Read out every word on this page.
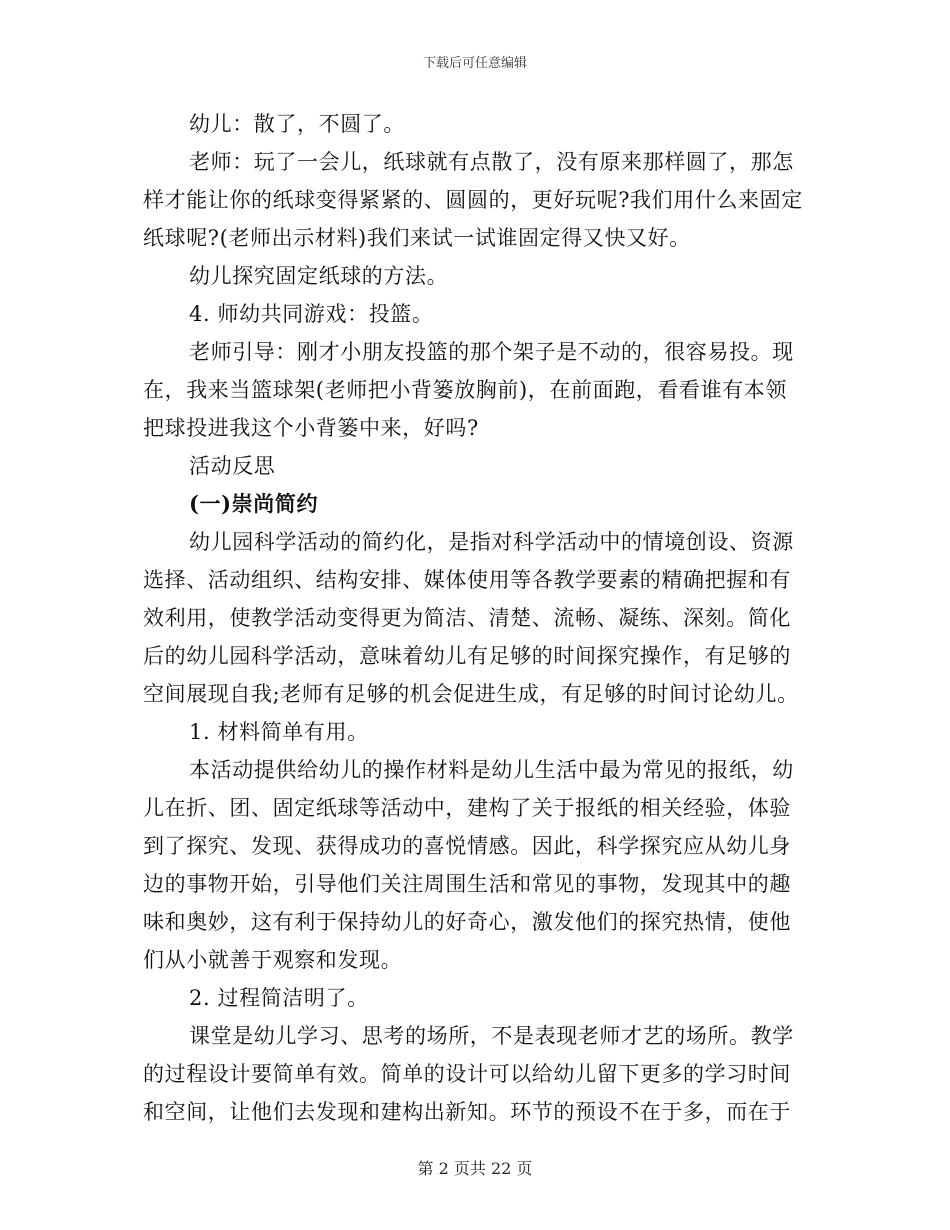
下载后可任意编辑

幼儿：散了，不圆了。

老师：玩了一会儿，纸球就有点散了，没有原来那样圆了，那怎样才能让你的纸球变得紧紧的、圆圆的，更好玩呢?我们用什么来固定纸球呢?(老师出示材料)我们来试一试谁固定得又快又好。

幼儿探究固定纸球的方法。

4. 师幼共同游戏：投篮。

老师引导：刚才小朋友投篮的那个架子是不动的，很容易投。现在，我来当篮球架(老师把小背篓放胸前)，在前面跑，看看谁有本领把球投进我这个小背篓中来，好吗?

活动反思

(一)崇尚简约

幼儿园科学活动的简约化，是指对科学活动中的情境创设、资源选择、活动组织、结构安排、媒体使用等各教学要素的精确把握和有效利用，使教学活动变得更为简洁、清楚、流畅、凝练、深刻。简化后的幼儿园科学活动，意味着幼儿有足够的时间探究操作，有足够的空间展现自我;老师有足够的机会促进生成，有足够的时间讨论幼儿。

1. 材料简单有用。

本活动提供给幼儿的操作材料是幼儿生活中最为常见的报纸，幼儿在折、团、固定纸球等活动中，建构了关于报纸的相关经验，体验到了探究、发现、获得成功的喜悦情感。因此，科学探究应从幼儿身边的事物开始，引导他们关注周围生活和常见的事物，发现其中的趣味和奥妙，这有利于保持幼儿的好奇心，激发他们的探究热情，使他们从小就善于观察和发现。

2. 过程简洁明了。

课堂是幼儿学习、思考的场所，不是表现老师才艺的场所。教学的过程设计要简单有效。简单的设计可以给幼儿留下更多的学习时间和空间，让他们去发现和建构出新知。环节的预设不在于多，而在于

第 2 页共 22 页
